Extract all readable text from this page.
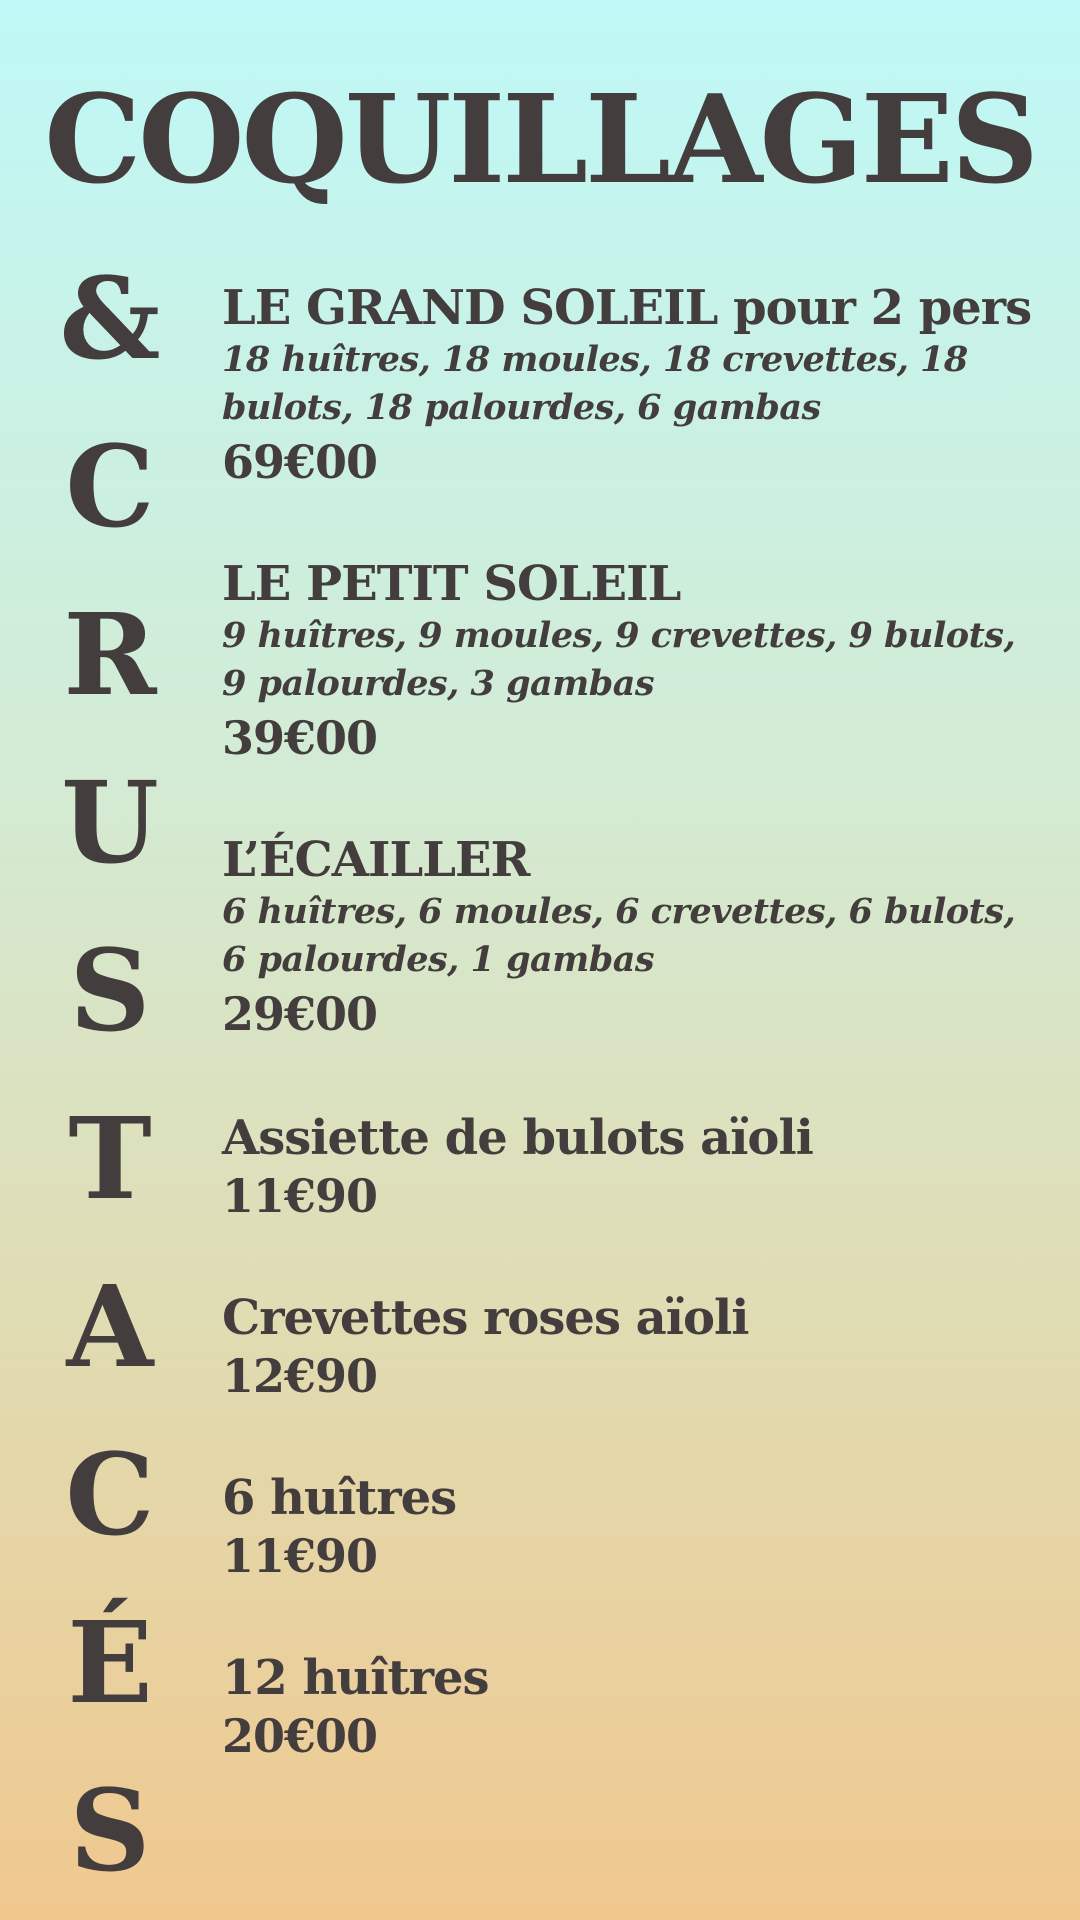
COQUILLAGES
&
C
R
U
S
T
A
C
É
S
LE GRAND SOLEIL pour 2 pers
18 huîtres, 18 moules, 18 crevettes, 18 bulots, 18 palourdes, 6 gambas
69€00
LE PETIT SOLEIL
9 huîtres, 9 moules, 9 crevettes, 9 bulots, 9 palourdes, 3 gambas
39€00
L’ÉCAILLER
6 huîtres, 6 moules, 6 crevettes, 6 bulots, 6 palourdes, 1 gambas
29€00
Assiette de bulots aïoli
11€90
Crevettes roses aïoli
12€90
6 huîtres
11€90
12 huîtres
20€00
